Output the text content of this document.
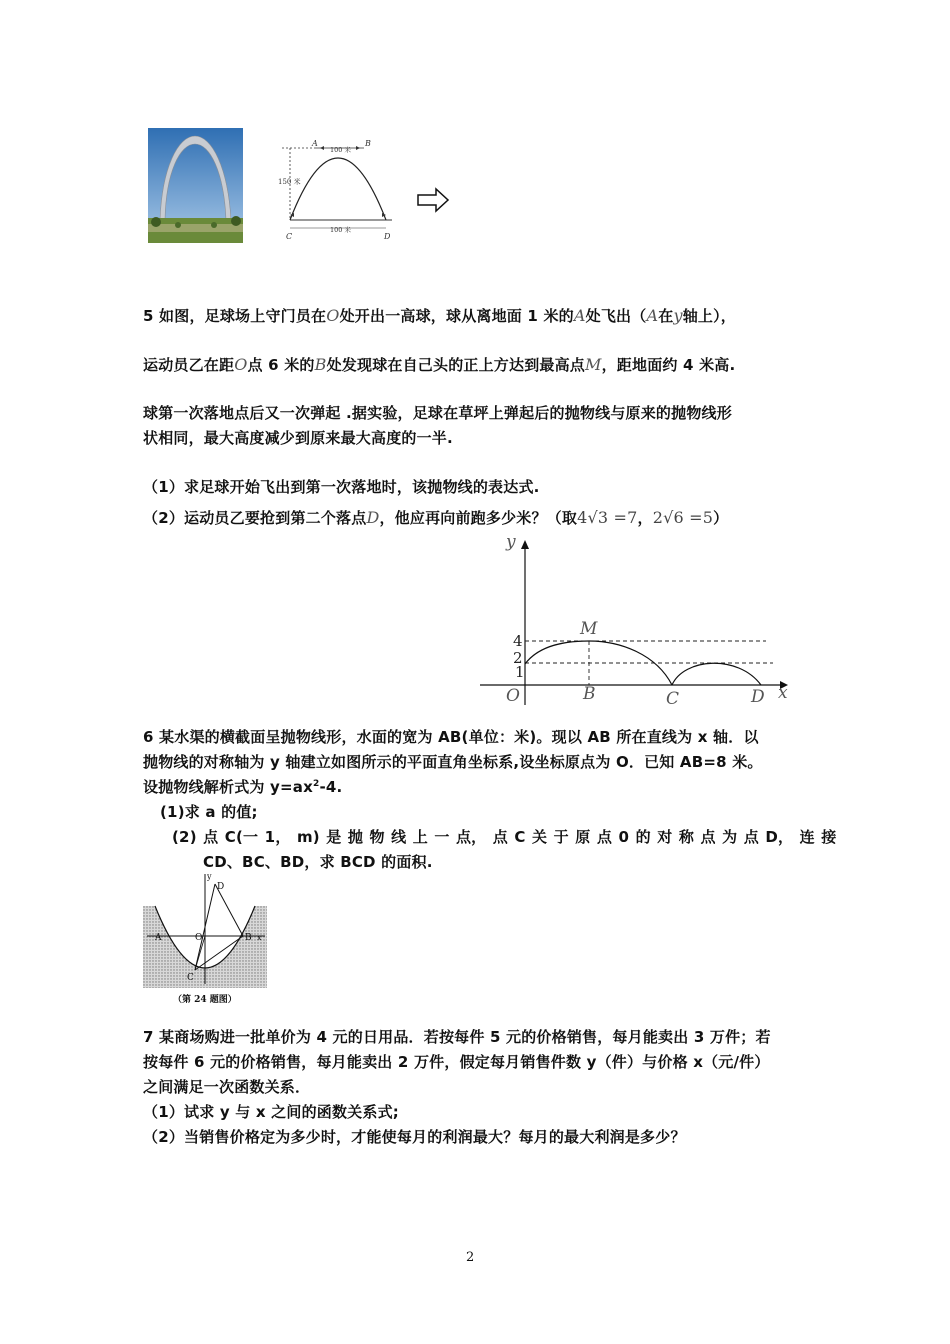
150 米
100 米
100 米
A	B
C	D
5 如图，足球场上守门员在O处开出一高球，球从离地面 1 米的A处飞出（A在y轴上），
运动员乙在距O点 6 米的B处发现球在自己头的正上方达到最高点M，距地面约 4 米高.
球第一次落地点后又一次弹起 .据实验，足球在草坪上弹起后的抛物线与原来的抛物线形
状相同，最大高度减少到原来最大高度的一半.
（1）求足球开始飞出到第一次落地时，该抛物线的表达式.
（2）运动员乙要抢到第二个落点D，他应再向前跑多少米？（取4√3 =7，2√6 =5）
y
x
4
2
1
O	B	C	D
M
6 某水渠的横截面呈抛物线形，水面的宽为 AB(单位：米)。现以 AB 所在直线为 x 轴．以
抛物线的对称轴为 y 轴建立如图所示的平面直角坐标系,设坐标原点为 O．已知 AB=8 米。
设抛物线解析式为 $y=ax^2-4$.
(1)求 a 的值;
(2) 点 C(一 1， m) 是 抛 物 线 上 一 点， 点 C 关 于 原 点 0 的 对 称 点 为 点 D， 连 接
CD、BC、BD，求 BCD 的面积.
y
D
A	O	B x
C
（第 24 题图）
7 某商场购进一批单价为 4 元的日用品．若按每件 5 元的价格销售，每月能卖出 3 万件；若
按每件 6 元的价格销售，每月能卖出 2 万件，假定每月销售件数 y（件）与价格 x（元/件）
之间满足一次函数关系．
（1）试求 y 与 x 之间的函数关系式;
（2）当销售价格定为多少时，才能使每月的利润最大？每月的最大利润是多少？
2
